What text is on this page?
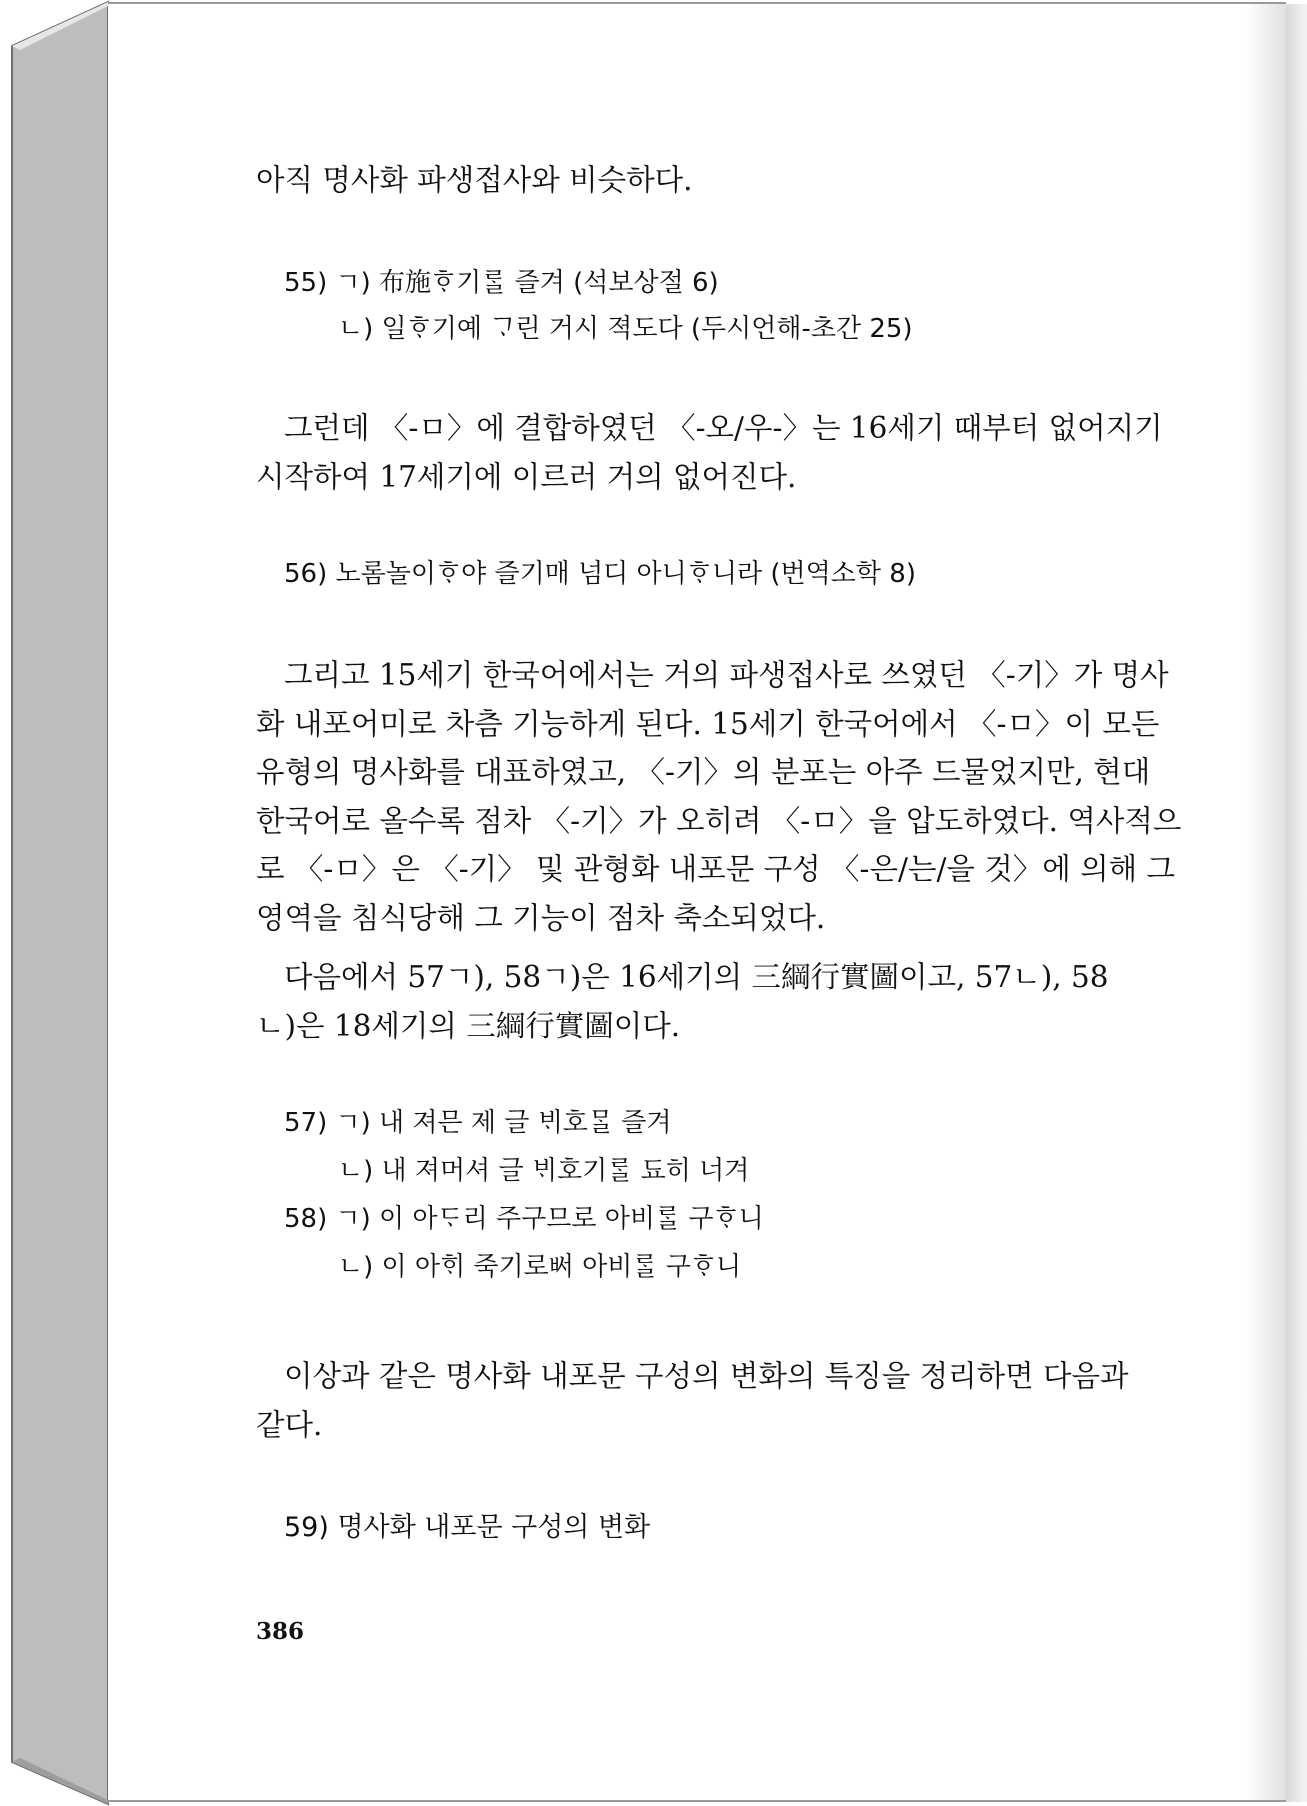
아직 명사화 파생접사와 비슷하다.
55) ㄱ) 布施ᄒᆞ기ᄅᆞᆯ 즐겨 (석보상절 6)
ㄴ) 일ᄒᆞ기예 ᄀᆞ린 거시 젹도다 (두시언해-초간 25)
그런데 〈-ㅁ〉에 결합하였던 〈-오/우-〉는 16세기 때부터 없어지기
시작하여 17세기에 이르러 거의 없어진다.
56) 노롬놀이ᄒᆞ야 즐기매 넘디 아니ᄒᆞ니라 (번역소학 8)
그리고 15세기 한국어에서는 거의 파생접사로 쓰였던 〈-기〉가 명사
화 내포어미로 차츰 기능하게 된다. 15세기 한국어에서 〈-ㅁ〉이 모든
유형의 명사화를 대표하였고, 〈-기〉의 분포는 아주 드물었지만, 현대
한국어로 올수록 점차 〈-기〉가 오히려 〈-ㅁ〉을 압도하였다. 역사적으
로 〈-ㅁ〉은 〈-기〉 및 관형화 내포문 구성 〈-은/는/을 것〉에 의해 그
영역을 침식당해 그 기능이 점차 축소되었다.
다음에서 57ㄱ), 58ㄱ)은 16세기의 三綱行實圖이고, 57ㄴ), 58
ㄴ)은 18세기의 三綱行實圖이다.
57) ㄱ) 내 져믄 제 글 ᄇᆡ호ᄆᆞᆯ 즐겨
ㄴ) 내 져머셔 글 ᄇᆡ호기ᄅᆞᆯ 됴히 너겨
58) ㄱ) 이 아ᄃᆞ리 주구므로 아비ᄅᆞᆯ 구ᄒᆞ니
ㄴ) 이 아ᄒᆡ 죽기로ᄡᅥ 아비ᄅᆞᆯ 구ᄒᆞ니
이상과 같은 명사화 내포문 구성의 변화의 특징을 정리하면 다음과
같다.
59) 명사화 내포문 구성의 변화
386
